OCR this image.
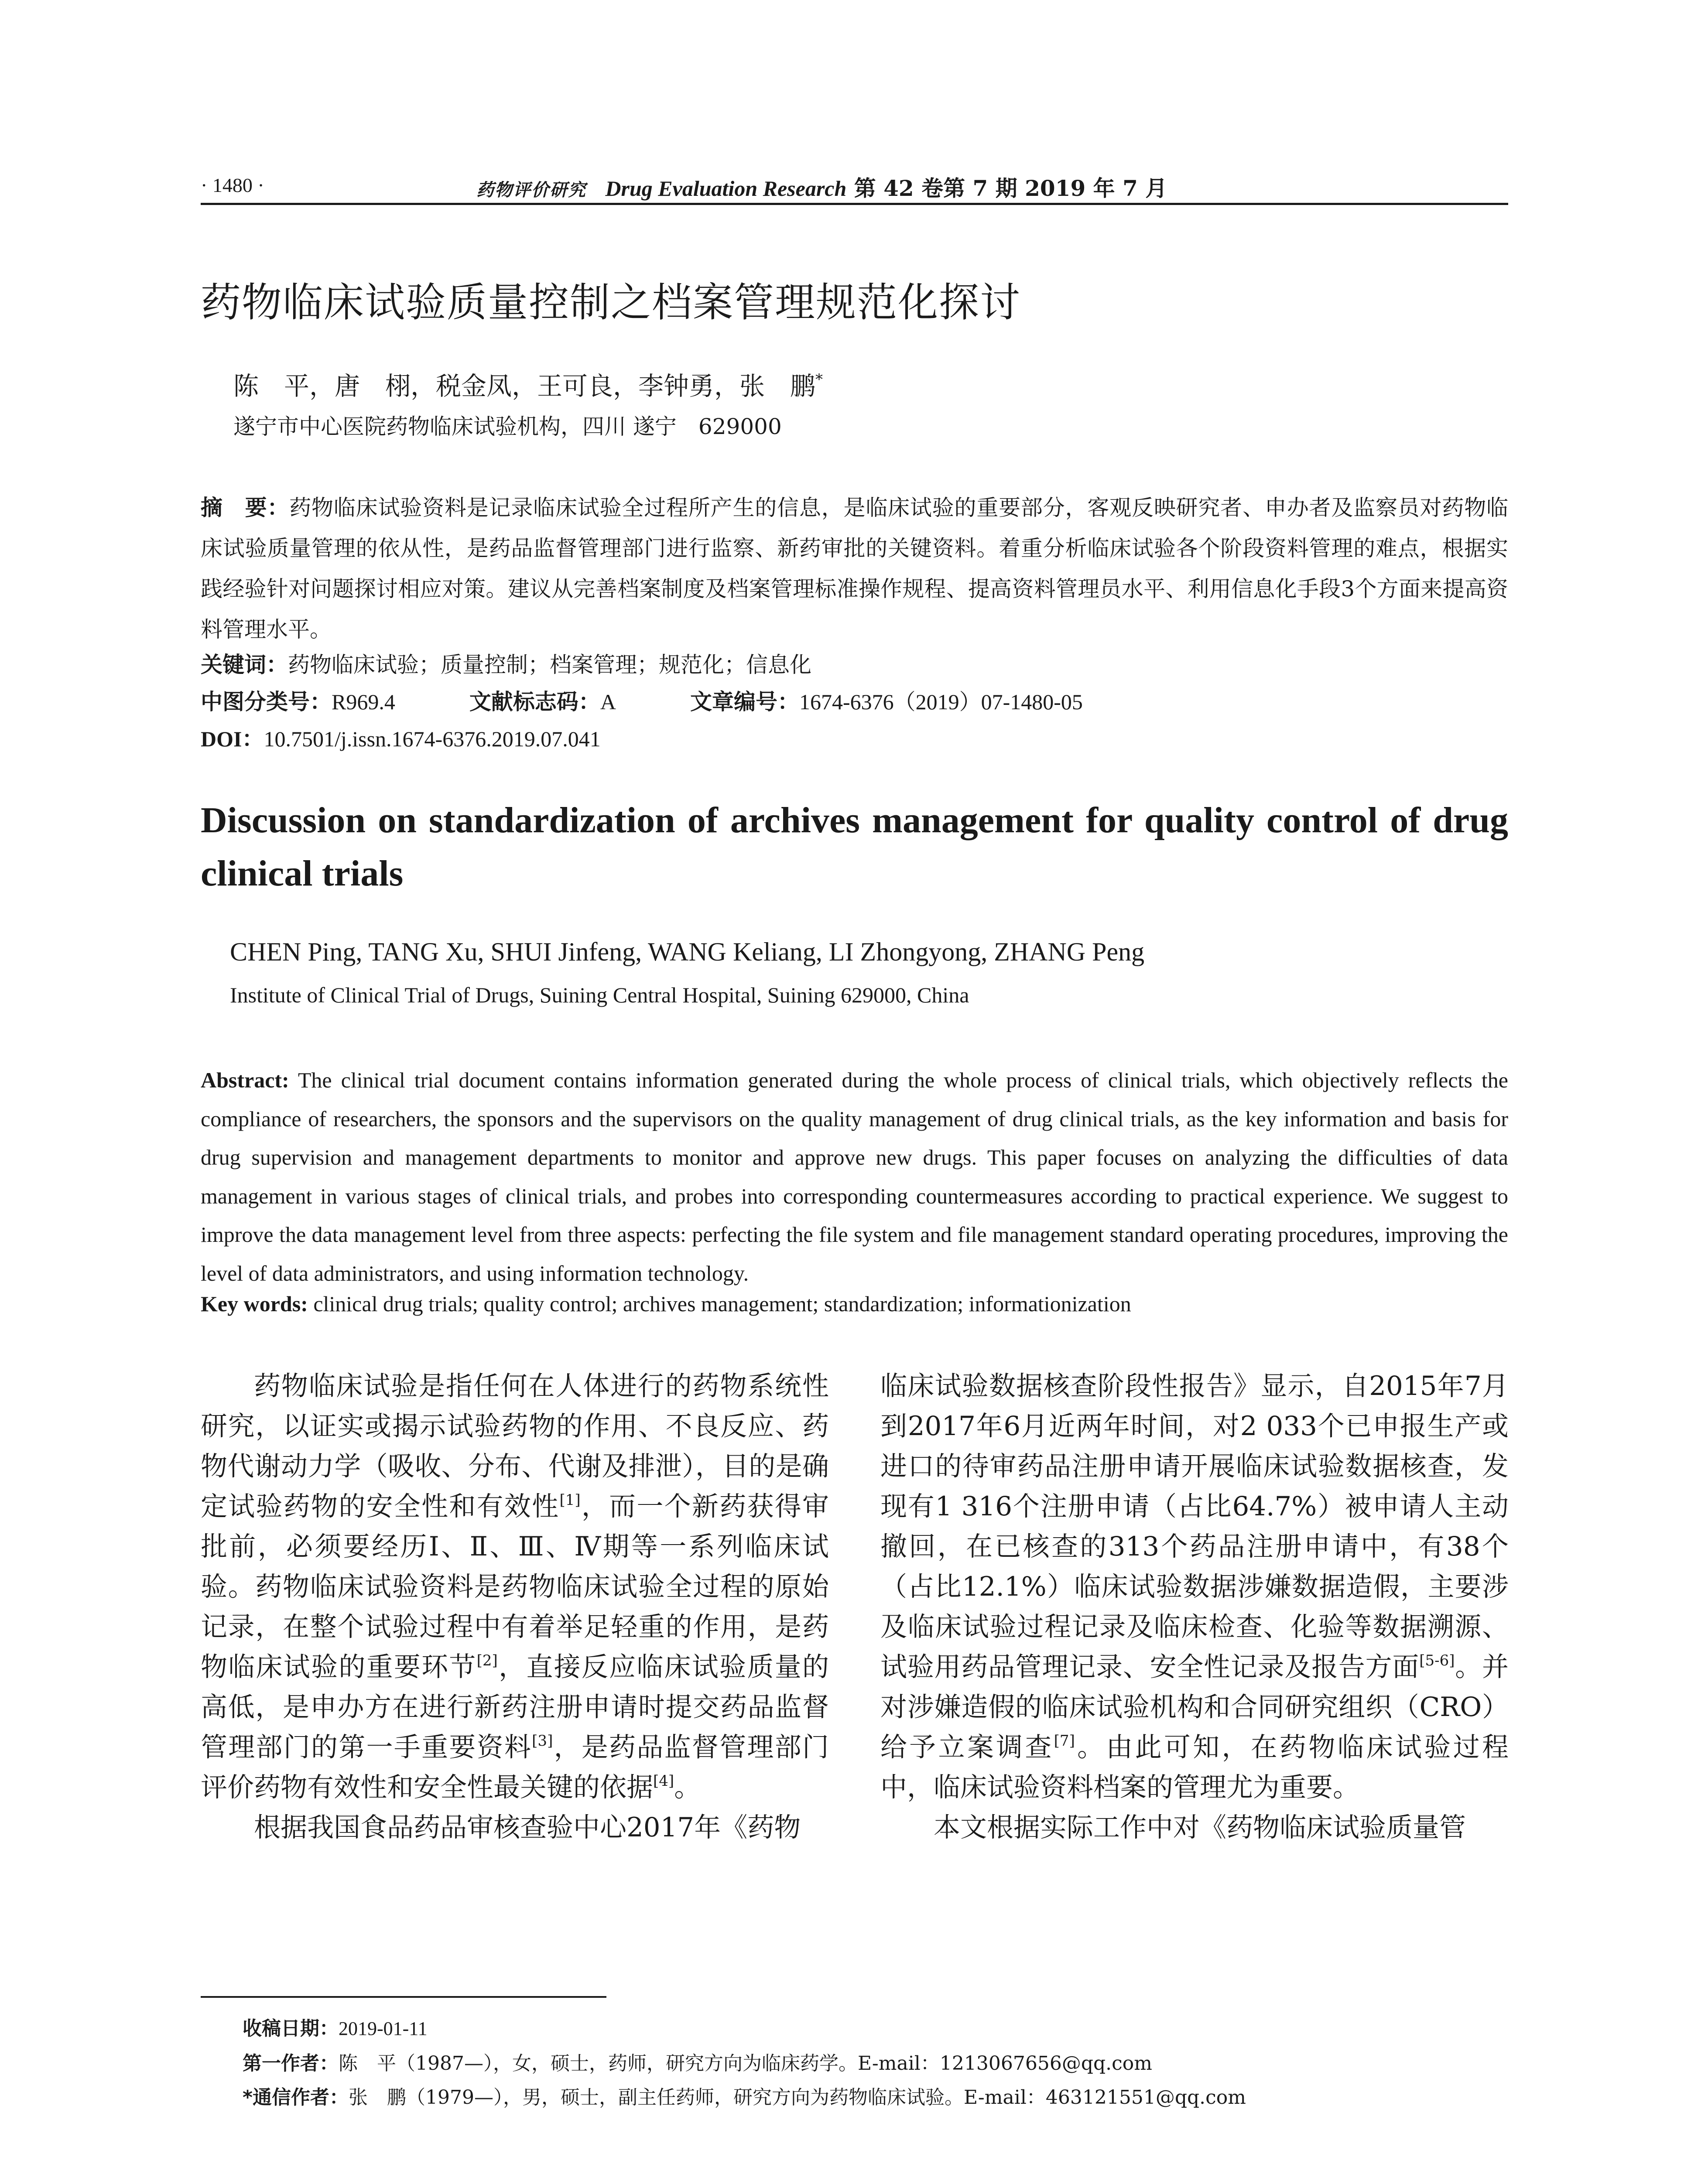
· 1480 ·	药物评价研究 Drug Evaluation Research 第 42 卷第 7 期 2019 年 7 月
药物临床试验质量控制之档案管理规范化探讨
陈　平，唐　栩，税金凤，王可良，李钟勇，张　鹏*
遂宁市中心医院药物临床试验机构，四川 遂宁　629000
摘　要：药物临床试验资料是记录临床试验全过程所产生的信息，是临床试验的重要部分，客观反映研究者、申办者及监察员对药物临床试验质量管理的依从性，是药品监督管理部门进行监察、新药审批的关键资料。着重分析临床试验各个阶段资料管理的难点，根据实践经验针对问题探讨相应对策。建议从完善档案制度及档案管理标准操作规程、提高资料管理员水平、利用信息化手段3个方面来提高资料管理水平。
关键词：药物临床试验；质量控制；档案管理；规范化；信息化
中图分类号：R969.4	文献标志码：A	文章编号：1674-6376（2019）07-1480-05
DOI：10.7501/j.issn.1674-6376.2019.07.041
Discussion on standardization of archives management for quality control of drug clinical trials
CHEN Ping, TANG Xu, SHUI Jinfeng, WANG Keliang, LI Zhongyong, ZHANG Peng
Institute of Clinical Trial of Drugs, Suining Central Hospital, Suining 629000, China
Abstract: The clinical trial document contains information generated during the whole process of clinical trials, which objectively reflects the compliance of researchers, the sponsors and the supervisors on the quality management of drug clinical trials, as the key information and basis for drug supervision and management departments to monitor and approve new drugs. This paper focuses on analyzing the difficulties of data management in various stages of clinical trials, and probes into corresponding countermeasures according to practical experience. We suggest to improve the data management level from three aspects: perfecting the file system and file management standard operating procedures, improving the level of data administrators, and using information technology.
Key words: clinical drug trials; quality control; archives management; standardization; informationization

药物临床试验是指任何在人体进行的药物系统性研究，以证实或揭示试验药物的作用、不良反应、药物代谢动力学（吸收、分布、代谢及排泄），目的是确定试验药物的安全性和有效性[1]，而一个新药获得审批前，必须要经历Ⅰ、Ⅱ、Ⅲ、Ⅳ期等一系列临床试验。药物临床试验资料是药物临床试验全过程的原始记录，在整个试验过程中有着举足轻重的作用，是药物临床试验的重要环节[2]，直接反应临床试验质量的高低，是申办方在进行新药注册申请时提交药品监督管理部门的第一手重要资料[3]，是药品监督管理部门评价药物有效性和安全性最关键的依据[4]。

根据我国食品药品审核查验中心2017年《药物

临床试验数据核查阶段性报告》显示，自2015年7月到2017年6月近两年时间，对2 033个已申报生产或进口的待审药品注册申请开展临床试验数据核查，发现有1 316个注册申请（占比64.7%）被申请人主动撤回，在已核查的313个药品注册申请中，有38个（占比12.1%）临床试验数据涉嫌数据造假，主要涉及临床试验过程记录及临床检查、化验等数据溯源、试验用药品管理记录、安全性记录及报告方面[5-6]。并对涉嫌造假的临床试验机构和合同研究组织（CRO）给予立案调查[7]。由此可知，在药物临床试验过程中，临床试验资料档案的管理尤为重要。

本文根据实际工作中对《药物临床试验质量管

收稿日期：2019-01-11
第一作者：陈　平（1987—），女，硕士，药师，研究方向为临床药学。E-mail：1213067656@qq.com
*通信作者：张　鹏（1979—），男，硕士，副主任药师，研究方向为药物临床试验。E-mail：463121551@qq.com
